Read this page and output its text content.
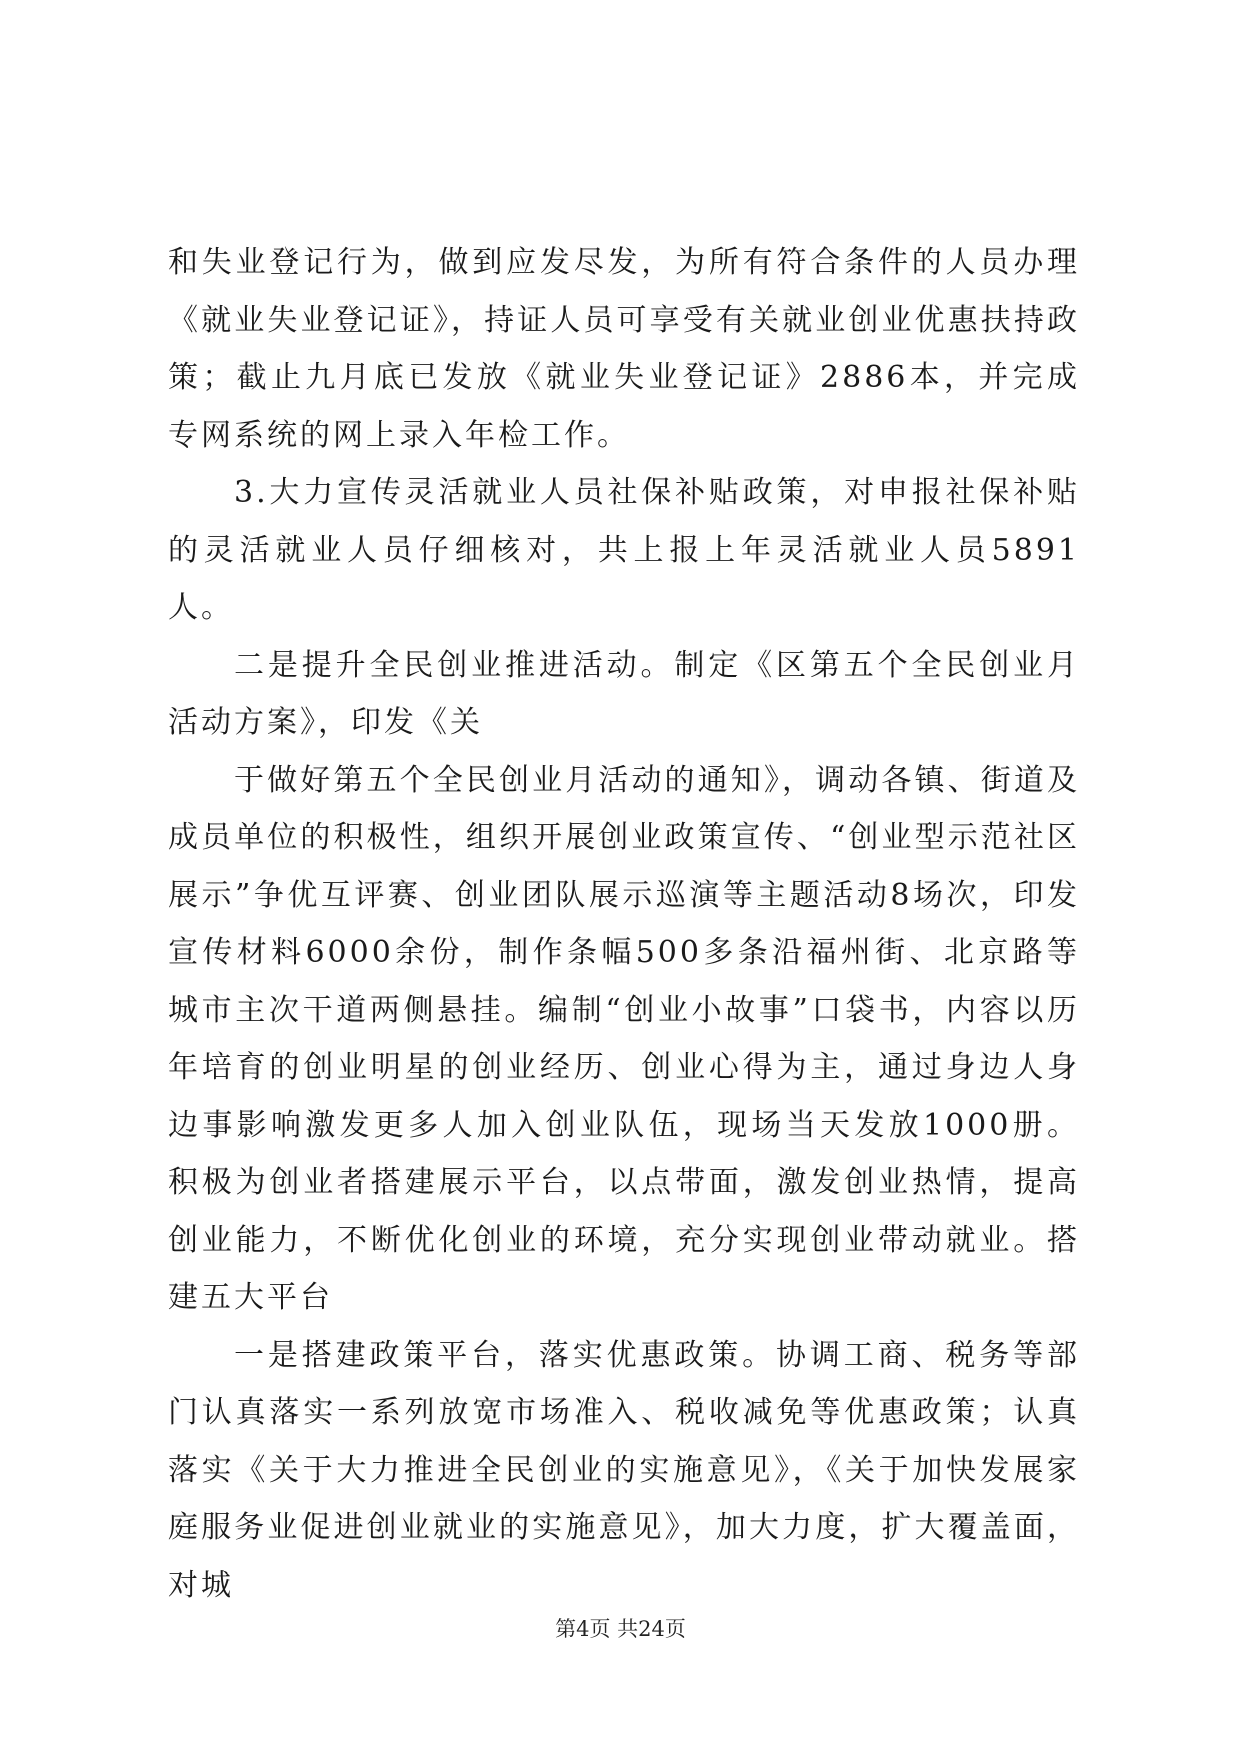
和失业登记行为，做到应发尽发，为所有符合条件的人员办理《就业失业登记证》，持证人员可享受有关就业创业优惠扶持政策；截止九月底已发放《就业失业登记证》2886本，并完成专网系统的网上录入年检工作。

3.大力宣传灵活就业人员社保补贴政策，对申报社保补贴的灵活就业人员仔细核对，共上报上年灵活就业人员5891人。

二是提升全民创业推进活动。制定《区第五个全民创业月活动方案》，印发《关

于做好第五个全民创业月活动的通知》，调动各镇、街道及成员单位的积极性，组织开展创业政策宣传、“创业型示范社区展示”争优互评赛、创业团队展示巡演等主题活动8场次，印发宣传材料6000余份，制作条幅500多条沿福州街、北京路等城市主次干道两侧悬挂。编制“创业小故事”口袋书，内容以历年培育的创业明星的创业经历、创业心得为主，通过身边人身边事影响激发更多人加入创业队伍，现场当天发放1000册。积极为创业者搭建展示平台，以点带面，激发创业热情，提高创业能力，不断优化创业的环境，充分实现创业带动就业。搭建五大平台

一是搭建政策平台，落实优惠政策。协调工商、税务等部门认真落实一系列放宽市场准入、税收减免等优惠政策；认真落实《关于大力推进全民创业的实施意见》，《关于加快发展家庭服务业促进创业就业的实施意见》，加大力度，扩大覆盖面，对城

第4页 共24页
